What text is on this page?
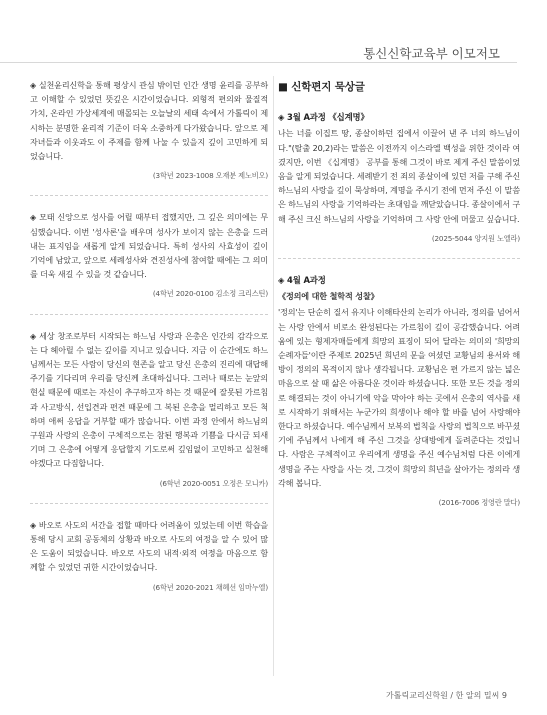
통신신학교육부 이모저모

◈ 실천윤리신학을 통해 평상시 관심 밖이던 인간 생명 윤리를 공부하고 이해할 수 있었던 뜻깊은 시간이었습니다. 외형적 편의와 물질적 가치, 온라인 가상세계에 매몰되는 오늘날의 세태 속에서 가톨릭이 제시하는 분명한 윤리적 기준이 더욱 소중하게 다가왔습니다. 앞으로 제 자녀들과 이웃과도 이 주제를 함께 나눌 수 있을지 깊이 고민하게 되었습니다.

(3학년 2023-1008 오재분 제노비오)

◈ 모태 신앙으로 성사를 어릴 때부터 접했지만, 그 깊은 의미에는 무심했습니다. 이번 '성사론'을 배우며 성사가 보이지 않는 은총을 드러내는 표지임을 새롭게 알게 되었습니다. 특히 성사의 사효성이 깊이 기억에 남았고, 앞으로 세례성사와 견진성사에 참여할 때에는 그 의미를 더욱 새길 수 있을 것 같습니다.

(4학년 2020-0100 김소정 크리스틴)

◈ 세상 창조로부터 시작되는 하느님 사랑과 은총은 인간의 감각으로는 다 헤아릴 수 없는 깊이를 지니고 있습니다. 지금 이 순간에도 하느님께서는 모든 사람이 당신의 현존을 알고 당신 은총의 진리에 대답해 주기를 기다리며 우리를 당신께 초대하십니다. 그러나 때로는 눈앞의 현실 때문에 때로는 자신이 추구하고자 하는 것 때문에 잘못된 가르침과 사고방식, 선입견과 편견 때문에 그 복된 은총을 멀리하고 모든 척하며 애써 응답을 거부할 때가 많습니다. 이번 과정 안에서 하느님의 구원과 사랑의 은총이 구체적으로는 참된 행복과 기쁨을 다시금 되새기며 그 은총에 어떻게 응답할지 기도로써 깊임없이 고민하고 실천해야겠다고 다짐합니다.

(6학년 2020-0051 오정은 모니카)

◈ 바오로 사도의 서간을 접할 때마다 어려움이 있었는데 이번 학습을 통해 당시 교회 공동체의 상황과 바오로 사도의 여정을 알 수 있어 많은 도움이 되었습니다. 바오로 사도의 내적·외적 여정을 마음으로 함께할 수 있었던 귀한 시간이었습니다.

(6학년 2020-2021 채혜선 임마누엘)
■ 신학편지 묵상글
◈ 3월 A과정 《십계명》

나는 너를 이집트 땅, 종살이하던 집에서 이끌어 낸 주 너의 하느님이다."(탈출 20,2)라는 말씀은 이전까지 이스라엘 백성을 위한 것이라 여겼지만, 이번 《십계명》 공부를 통해 그것이 바로 제게 주신 말씀이었음을 알게 되었습니다. 세례받기 전 죄의 종살이에 있던 저를 구해 주신 하느님의 사랑을 깊이 묵상하며, 계명을 주시기 전에 먼저 주신 이 말씀은 하느님의 사랑을 기억하라는 초대임을 깨닫았습니다. 종살이에서 구해 주신 크신 하느님의 사랑을 기억하며 그 사랑 안에 머물고 싶습니다.

(2025-5044 양지원 노엘라)
◈ 4월 A과정
《정의에 대한 철학적 성찰》

'정의'는 단순히 질서 유지나 이해타산의 논리가 아니라, 정의를 넘어서는 사랑 안에서 비로소 완성된다는 가르침이 깊이 공감했습니다. 어려움에 있는 형제자매들에게 희망의 표징이 되어 달라는 의미의 '희망의 순례자들'이란 주제로 2025년 희년의 문을 여셨던 교황님의 용서와 해방이 정의의 목적이지 않나 생각됩니다. 교황님은 편 가르지 않는 넓은 마음으로 살 때 삶은 아름다운 것이라 하셨습니다. 또한 모든 것을 정의로 해결되는 것이 아니기에 악을 막아야 하는 곳에서 은총의 역사를 새로 시작하기 위해서는 누군가의 희생이나 해야 할 바를 넘어 사랑해야 한다고 하셨습니다. 예수님께서 보복의 법칙을 사랑의 법칙으로 바꾸셨기에 주님께서 나에게 해 주신 그것을 상대방에게 돌려준다는 것입니다. 사람은 구체적이고 우리에게 생명을 주신 예수님처럼 다른 이에게 생명을 주는 사랑을 사는 것, 그것이 희망의 희년을 살아가는 정의라 생각해 봅니다.

(2016-7006 정영란 말다)
가톨릭교리신학원 / 한 알의 밀씨 9
